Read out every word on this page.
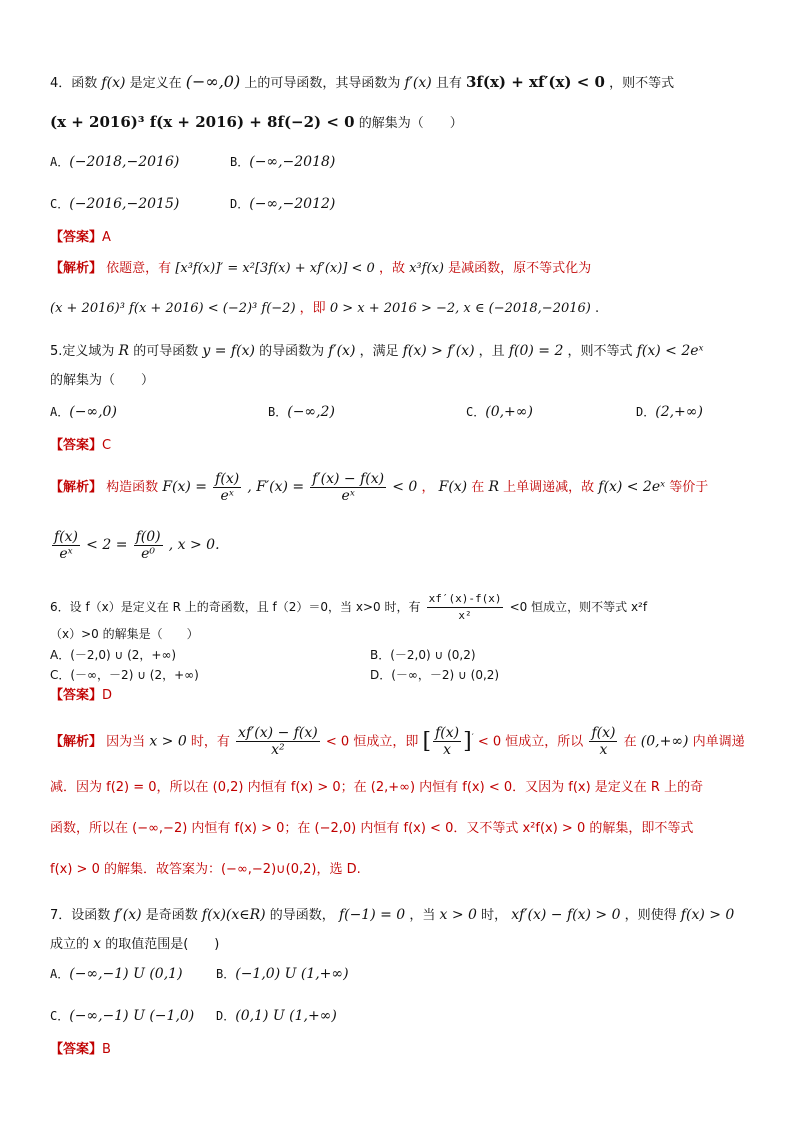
4．函数 f(x) 是定义在 (−∞,0) 上的可导函数，其导函数为 f′(x) 且有 3f(x) + xf′(x) < 0 ，则不等式
(x + 2016)³ f(x + 2016) + 8f(−2) < 0 的解集为（　　）
A．(−2018,−2016)	B．(−∞,−2018)
C．(−2016,−2015)	D．(−∞,−2012)
【答案】A
【解析】 依题意，有 [x³f(x)]′ = x²[3f(x) + xf′(x)] < 0 ，故 x³f(x) 是减函数，原不等式化为
(x + 2016)³ f(x + 2016) < (−2)³ f(−2) ，即 0 > x + 2016 > −2, x ∈ (−2018,−2016) .
5.定义域为 R 的可导函数 y = f(x) 的导函数为 f′(x) ，满足 f(x) > f′(x) ，且 f(0) = 2 ，则不等式 f(x) < 2eˣ
的解集为（　　）
A．(−∞,0)	B．(−∞,2)	C．(0,+∞)	D．(2,+∞)
【答案】C
【解析】 构造函数 $F(x) = \frac{f(x)}{\text{eˣ}}$ , $F'(x) = \frac{f'(x) - f(x)}{\text{eˣ}} < 0$ ， F(x) 在 R 上单调递减，故 f(x) < 2eˣ 等价于
$\frac{f(x)}{\text{eˣ}} < 2 = \frac{f(0)}{\text{e⁰}}$ , x > 0.
6．设 f（x）是定义在 R 上的奇函数，且 f（2）＝0，当 x>0 时，有 $\frac{xf'(x)-f(x)}{\text{x²}} <0$ 恒成立，则不等式 x²f
（x）>0 的解集是（　　）
A．(－2,0) ∪ (2，+∞)	B．(－2,0) ∪ (0,2)
C．(－∞，－2) ∪ (2，+∞)	D．(－∞，－2) ∪ (0,2)
【答案】D
【解析】 因为当 x > 0 时，有 $\frac{xf'(x) - f(x)}{\text{x²}} < 0$ 恒成立，即 [ $\frac{f(x)}{x} ]' < 0$ 恒成立，所以 $\frac{f(x)}{x}$ 在 (0,+∞) 内单调递
减．因为 f(2) = 0，所以在 (0,2) 内恒有 f(x) > 0；在 (2,+∞) 内恒有 f(x) < 0．又因为 f(x) 是定义在 R 上的奇
函数，所以在 (−∞,−2) 内恒有 f(x) > 0；在 (−2,0) 内恒有 f(x) < 0．又不等式 x²f(x) > 0 的解集，即不等式
f(x) > 0 的解集．故答案为：(−∞,−2)∪(0,2)，选 D.
7．设函数 f′(x) 是奇函数 f(x)(x∈R) 的导函数， f(−1) = 0 ，当 x > 0 时， xf′(x) − f(x) > 0 ，则使得 f(x) > 0
成立的 x 的取值范围是(　　)
A．(−∞,−1) U (0,1)	B．(−1,0) U (1,+∞)
C．(−∞,−1) U (−1,0) D．(0,1) U (1,+∞)
【答案】B
